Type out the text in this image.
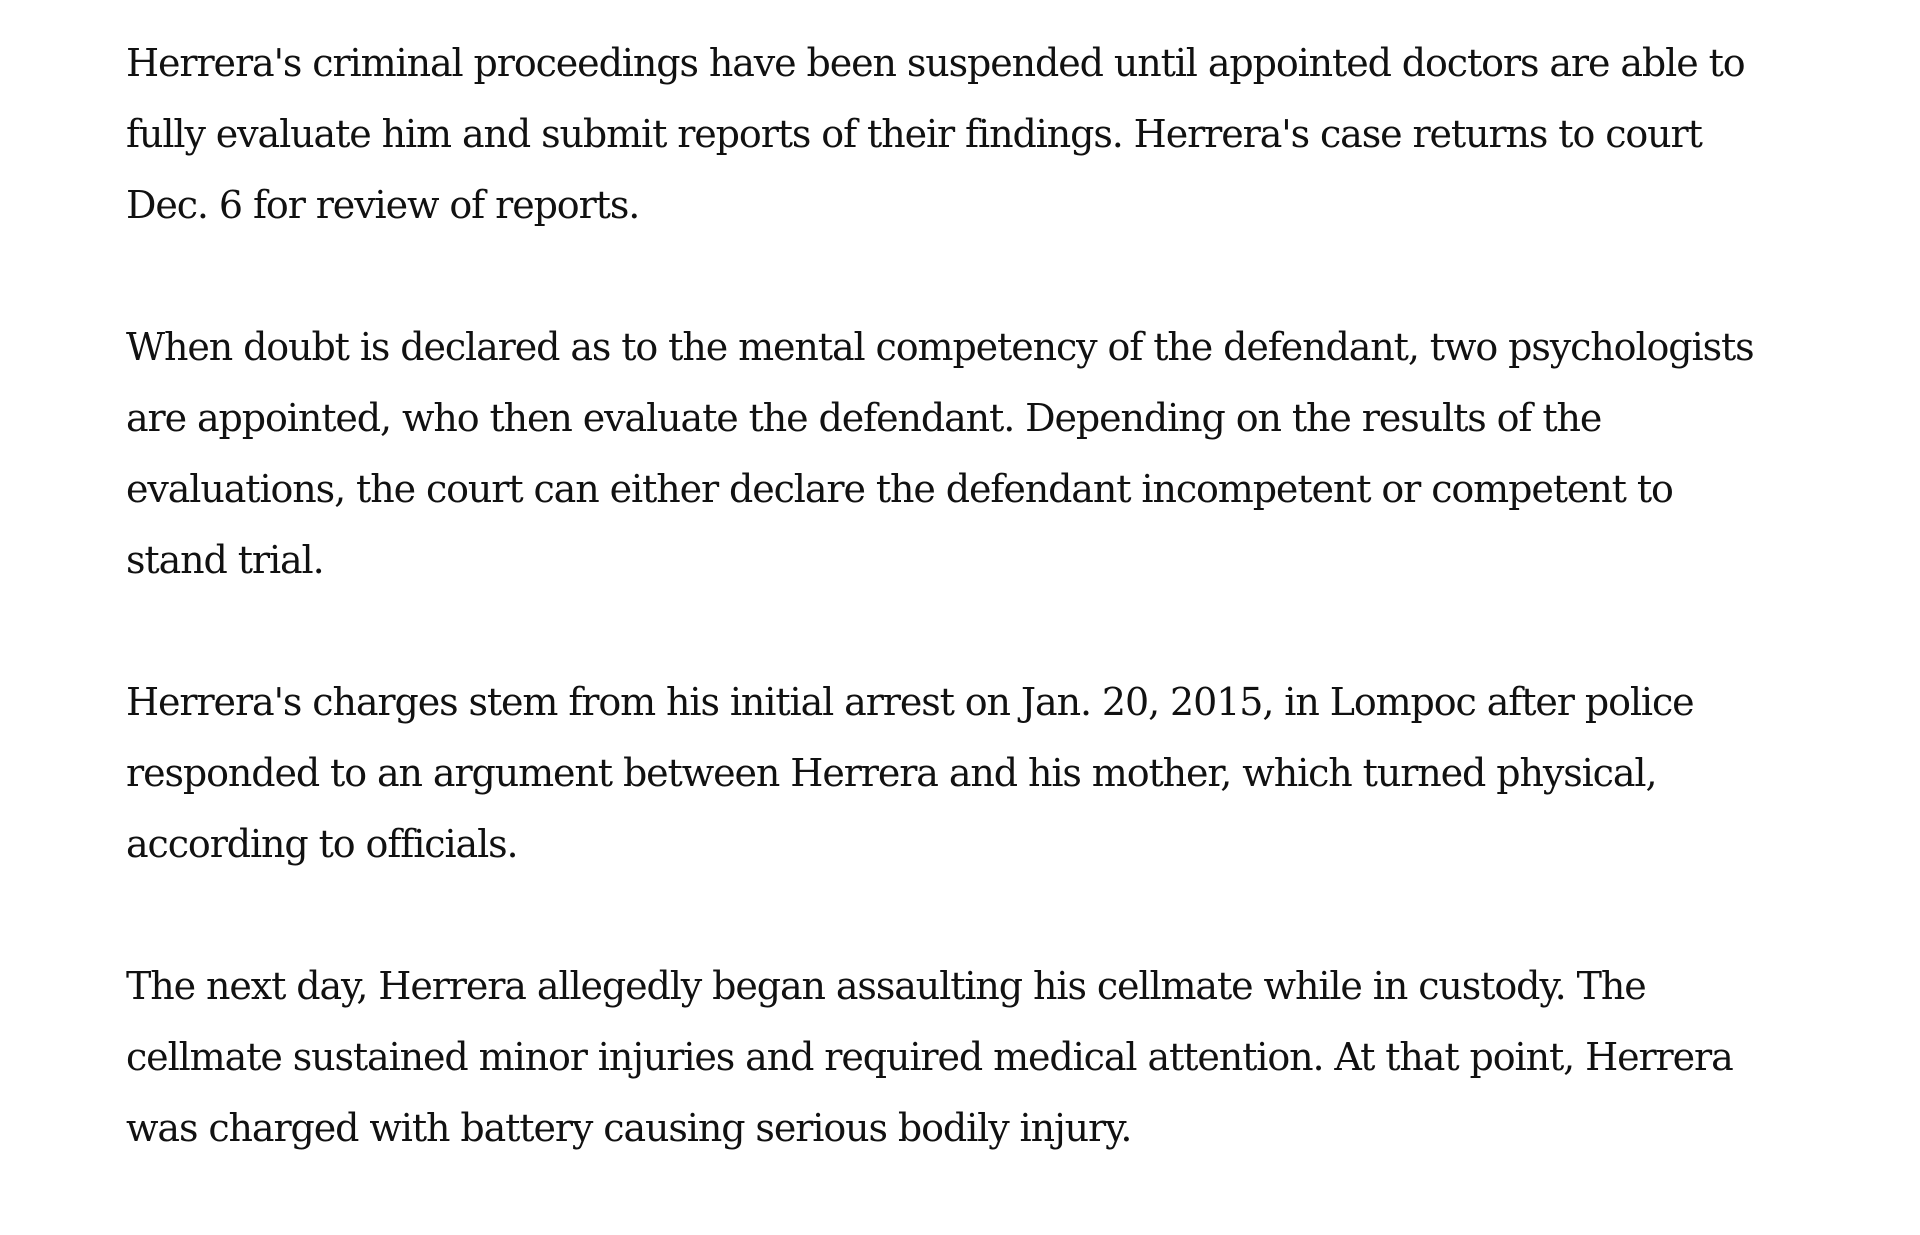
Herrera's criminal proceedings have been suspended until appointed doctors are able to
fully evaluate him and submit reports of their findings. Herrera's case returns to court
Dec. 6 for review of reports.

When doubt is declared as to the mental competency of the defendant, two psychologists
are appointed, who then evaluate the defendant. Depending on the results of the
evaluations, the court can either declare the defendant incompetent or competent to
stand trial.

Herrera's charges stem from his initial arrest on Jan. 20, 2015, in Lompoc after police
responded to an argument between Herrera and his mother, which turned physical,
according to officials.

The next day, Herrera allegedly began assaulting his cellmate while in custody. The
cellmate sustained minor injuries and required medical attention. At that point, Herrera
was charged with battery causing serious bodily injury.
